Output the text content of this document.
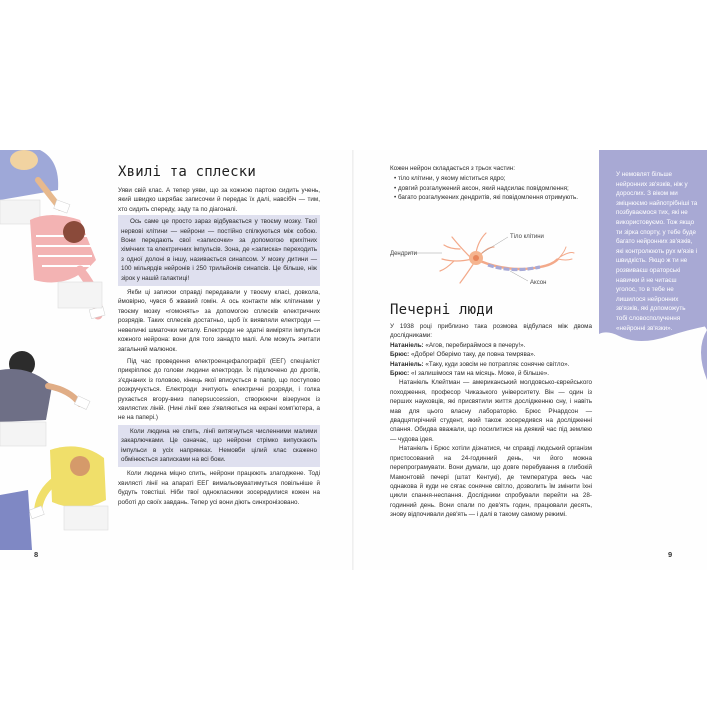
Хвилі та сплески

Уяви свій клас. А тепер уяви, що за кожною партою сидить учень, який швидко шкрябає записочки й передає їх далі, навсібіч — тим, хто сидить спереду, заду та по діагоналі.

Ось саме це просто зараз відбувається у твоєму мозку. Твої нервові клітини — нейрони — постійно спілкуються між собою. Вони передають свої «записочки» за допомогою крихітних хімічних та електричних імпульсів. Зона, де «записка» переходить з одної долоні в іншу, називається синапсом. У мозку дитини — 100 мільярдів нейронів і 250 трильйонів синапсів. Це більше, ніж зірок у нашій галактиці!

Якби ці записки справді передавали у твоєму класі, довкола, ймовірно, чувся б жвавий гомін. А ось контакти між клітинами у твоєму мозку «гомонять» за допомогою сплесків електричних розрядів. Таких сплесків достатньо, щоб їх виявляли електроди — невеличкі шматочки металу. Електроди не здатні виміряти імпульси кожного нейрона: вони для того занадто малі. Але можуть зчитати загальний малюнок.

Під час проведення електроенцефалографії (ЕЕГ) спеціаліст прикріплює до голови людини електроди. Їх підключено до дротів, з'єднаних із головою, кінець якої вписується в папір, що поступово розкручується. Електроди зчитують електричні розряди, і голка рухається вгору-вниз паперsuccession, створюючи візерунок із хвилястих ліній. (Нині лінії вже з'являються на екрані комп'ютера, а не на папері.)

Коли людина не спить, лінії витягнуться численними малими закарлючками. Це означає, що нейрони стрімко випускають імпульси в усіх напрямках. Немовби цілий клас скажено обмінюється записками на всі боки.

Коли людина міцно спить, нейрони працюють злагоджене. Тоді хвилясті лінії на апараті ЕЕГ вимальовуватимуться повільніше й будуть товстіші. Ніби твої однокласники зосередилися кожен на роботі до своїх завдань. Тепер усі вони діють синхронізовано.

8

Кожен нейрон складається з трьох частин:

• тіло клітини, у якому міститься ядро;
• довгий розгалужений аксон, який надсилає повідомлення;
• багато розгалужених дендритів, які повідомлення отримують.
Дендрити
Тіло клітини
Аксон
Печерні люди

У 1938 році приблизно така розмова відбулася між двома дослідниками:

Натаніель: «Агов, перебираймося в печеру!».

Брюс: «Добре! Оберімо таку, де повна темрява».

Натаніель: «Таку, куди зовсім не потрапляє сонячне світло».

Брюс: «І залишімося там на місяць. Може, й більше».

Натаніель Клейтман — американський молдовсько-єврейського походження, професор Чиказького університету. Він — один із перших науковців, які присвятили життя дослідженню сну, і навіть мав для цього власну лабораторію. Брюс Річардсон — двадцятирічний студент, який також зосередився на дослідженні спання. Обидва вважали, що посилитися на деякий час під землею — чудова ідея.

Натаніель і Брюс хотіли дізнатися, чи справді людський організм пристосований на 24-годинний день, чи його можна перепрограмувати. Вони думали, що довге перебування в глибокій Мамонтовій печері (штат Кентукі), де температура весь час однакова й куди не сягає сонячне світло, дозволить їм змінити їхні цикли спання-неспання. Дослідники спробували перейти на 28-годинний день. Вони спали по дев'ять годин, працювали десять, знову відпочивали дев'ять — і далі в такому самому режимі.

У немовлят більше нейронних зв'язків, ніж у дорослих. З віком ми зміцнюємо найпотрібніші та позбуваємося тих, які не використовуємо. Тож якщо ти зірка спорту, у тебе буде багато нейронних зв'язків, які контролюють рух м'язів і швидкість. Якщо ж ти не розвиваєш ораторські навички й не читаєш уголос, то в тебе не лишилося нейронних зв'язків, які допоможуть тобі словосполучення «нейронні зв'язки».
9
